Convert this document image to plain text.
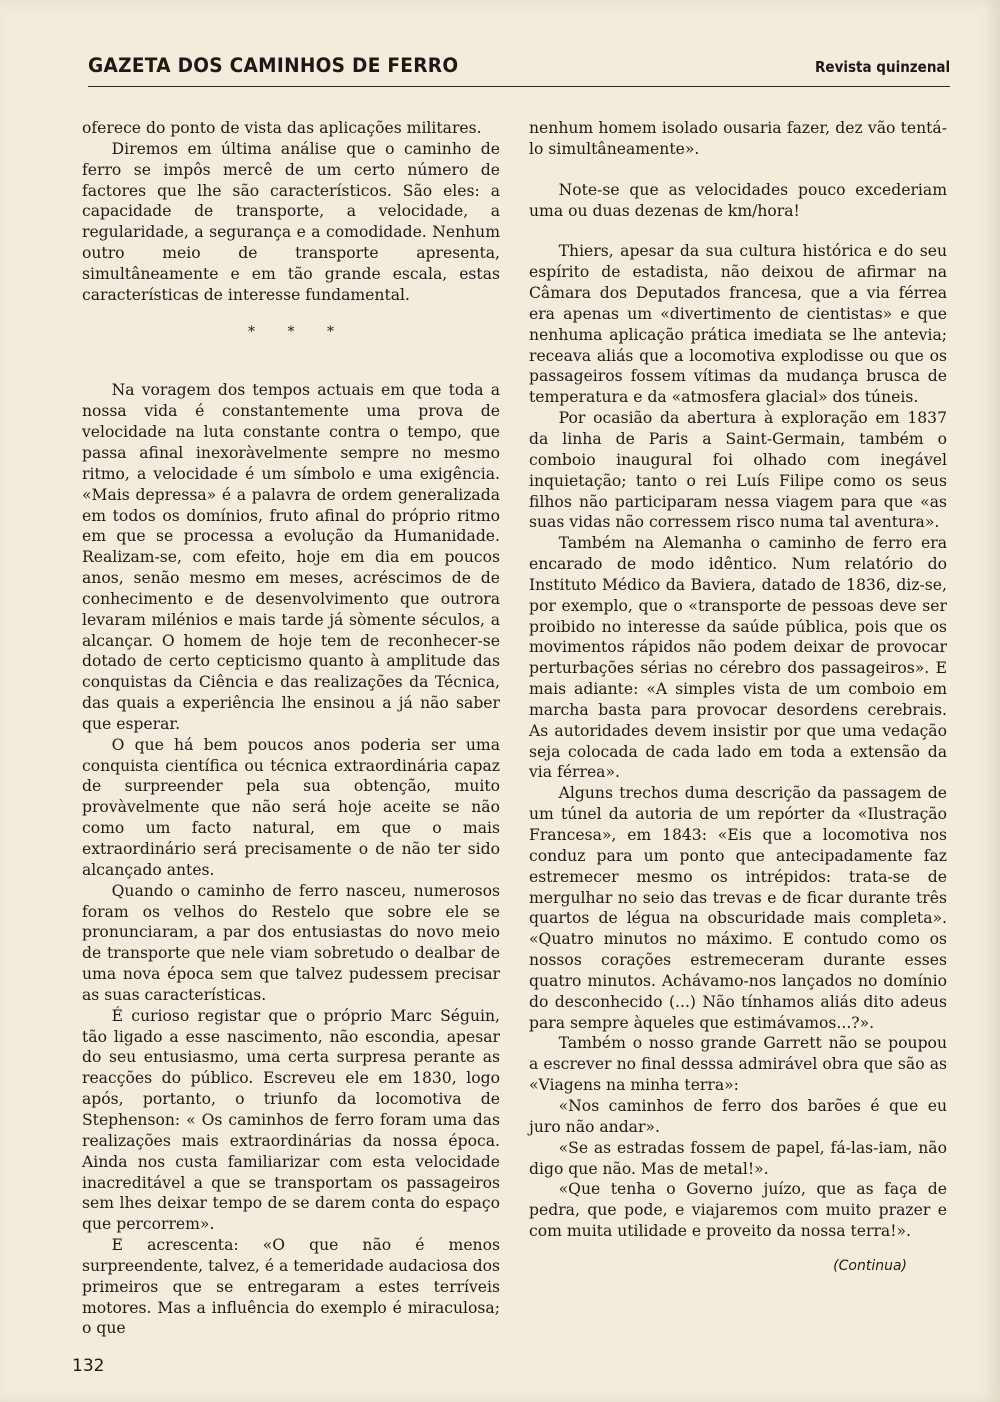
GAZETA DOS CAMINHOS DE FERRO	Revista quinzenal

oferece do ponto de vista das aplicações militares.

Diremos em última análise que o caminho de ferro se impôs mercê de um certo número de factores que lhe são característicos. São eles: a capacidade de transporte, a velocidade, a regularidade, a segurança e a comodidade. Nenhum outro meio de transporte apresenta, simultâneamente e em tão grande escala, estas características de interesse fundamental.

* * *

Na voragem dos tempos actuais em que toda a nossa vida é constantemente uma prova de velocidade na luta constante contra o tempo, que passa afinal inexoràvelmente sempre no mesmo ritmo, a velocidade é um símbolo e uma exigência. «Mais depressa» é a palavra de ordem generalizada em todos os domínios, fruto afinal do próprio ritmo em que se processa a evolução da Humanidade. Realizam-se, com efeito, hoje em dia em poucos anos, senão mesmo em meses, acréscimos de de conhecimento e de desenvolvimento que outrora levaram milénios e mais tarde já sòmente séculos, a alcançar. O homem de hoje tem de reconhecer-se dotado de certo cepticismo quanto à amplitude das conquistas da Ciência e das realizações da Técnica, das quais a experiência lhe ensinou a já não saber que esperar.

O que há bem poucos anos poderia ser uma conquista científica ou técnica extraordinária capaz de surpreender pela sua obtenção, muito provàvelmente que não será hoje aceite se não como um facto natural, em que o mais extraordinário será precisamente o de não ter sido alcançado antes.

Quando o caminho de ferro nasceu, numerosos foram os velhos do Restelo que sobre ele se pronunciaram, a par dos entusiastas do novo meio de transporte que nele viam sobretudo o dealbar de uma nova época sem que talvez pudessem precisar as suas características.

É curioso registar que o próprio Marc Séguin, tão ligado a esse nascimento, não escondia, apesar do seu entusiasmo, uma certa surpresa perante as reacções do público. Escreveu ele em 1830, logo após, portanto, o triunfo da locomotiva de Stephenson: « Os caminhos de ferro foram uma das realizações mais extraordinárias da nossa época. Ainda nos custa familiarizar com esta velocidade inacreditável a que se transportam os passageiros sem lhes deixar tempo de se darem conta do espaço que percorrem».

E acrescenta: «O que não é menos surpreendente, talvez, é a temeridade audaciosa dos primeiros que se entregaram a estes terríveis motores. Mas a influência do exemplo é miraculosa; o que

nenhum homem isolado ousaria fazer, dez vão tentá-lo simultâneamente».

Note-se que as velocidades pouco excederiam uma ou duas dezenas de km/hora!

Thiers, apesar da sua cultura histórica e do seu espírito de estadista, não deixou de afirmar na Câmara dos Deputados francesa, que a via férrea era apenas um «divertimento de cientistas» e que nenhuma aplicação prática imediata se lhe antevia; receava aliás que a locomotiva explodisse ou que os passageiros fossem vítimas da mudança brusca de temperatura e da «atmosfera glacial» dos túneis.

Por ocasião da abertura à exploração em 1837 da linha de Paris a Saint-Germain, também o comboio inaugural foi olhado com inegável inquietação; tanto o rei Luís Filipe como os seus filhos não participaram nessa viagem para que «as suas vidas não corressem risco numa tal aventura».

Também na Alemanha o caminho de ferro era encarado de modo idêntico. Num relatório do Instituto Médico da Baviera, datado de 1836, diz-se, por exemplo, que o «transporte de pessoas deve ser proibido no interesse da saúde pública, pois que os movimentos rápidos não podem deixar de provocar perturbações sérias no cérebro dos passageiros». E mais adiante: «A simples vista de um comboio em marcha basta para provocar desordens cerebrais. As autoridades devem insistir por que uma vedação seja colocada de cada lado em toda a extensão da via férrea».

Alguns trechos duma descrição da passagem de um túnel da autoria de um repórter da «Ilustração Francesa», em 1843: «Eis que a locomotiva nos conduz para um ponto que antecipadamente faz estremecer mesmo os intrépidos: trata-se de mergulhar no seio das trevas e de ficar durante três quartos de légua na obscuridade mais completa». «Quatro minutos no máximo. E contudo como os nossos corações estremeceram durante esses quatro minutos. Achávamo-nos lançados no domínio do desconhecido (...) Não tínhamos aliás dito adeus para sempre àqueles que estimávamos...?».

Também o nosso grande Garrett não se poupou a escrever no final desssa admirável obra que são as «Viagens na minha terra»:

«Nos caminhos de ferro dos barões é que eu juro não andar».

«Se as estradas fossem de papel, fá-las-iam, não digo que não. Mas de metal!».

«Que tenha o Governo juízo, que as faça de pedra, que pode, e viajaremos com muito prazer e com muita utilidade e proveito da nossa terra!».

(Continua)
132
